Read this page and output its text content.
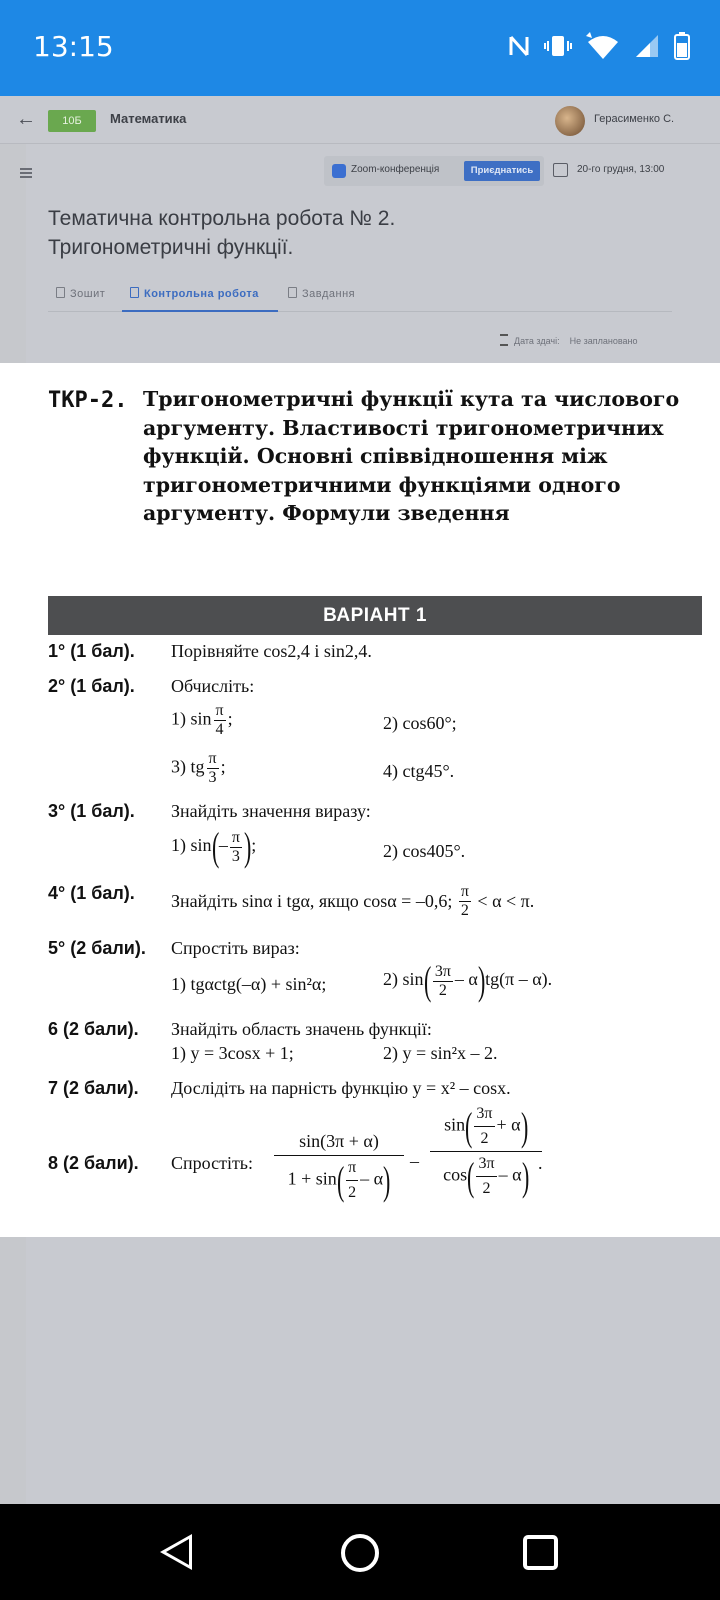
13:15
←	10Б	Математика	Герасименко С.
Zoom-конференція	Приєднатись	20-го грудня, 13:00
Тематична контрольна робота № 2.
Тригонометричні функції.
Зошит	Контрольна робота	Завдання
Дата здачі: Не заплановано
ТКР-2. Тригонометричні функції кута та числового аргументу. Властивості тригонометричних функцій. Основні співвідношення між тригонометричними функціями одного аргументу. Формули зведення
ВАРІАНТ 1
1° (1 бал). Порівняйте cos2,4 і sin2,4.
2° (1 бал). Обчисліть:
1) $\sin \frac{\pi}{4}$ ;	2) cos60°;
3) tg $\frac{\pi}{3}$ ;	4) ctg45°.
3° (1 бал). Знайдіть значення виразу:
1) $\sin(- \frac{\pi}{3}$ );	2) cos405°.
4° (1 бал). Знайдіть sinα і tgα, якщо cosα = –0,6; $\frac{\pi}{2} < \alpha < \pi$.
5° (2 бали). Спростіть вираз:
1) tgαctg(–α) + sin²α;	2) $\sin( \frac{3\pi}{2} - \alpha)tg(\pi - \alpha)$.
6 (2 бали). Знайдіть область значень функції:
1) y = 3cosx + 1;	2) y = sin²x – 2.
7 (2 бали). Дослідіть на парність функцію y = x² – cosx.
8 (2 бали). Спростіть: $\frac{\sin(3\pi + \alpha)}{1 + \sin( \frac{\pi}{2} - \alpha)} - \frac{\sin( \frac{3\pi}{2} + \alpha)}{\cos( \frac{3\pi}{2} - \alpha)}$
.
